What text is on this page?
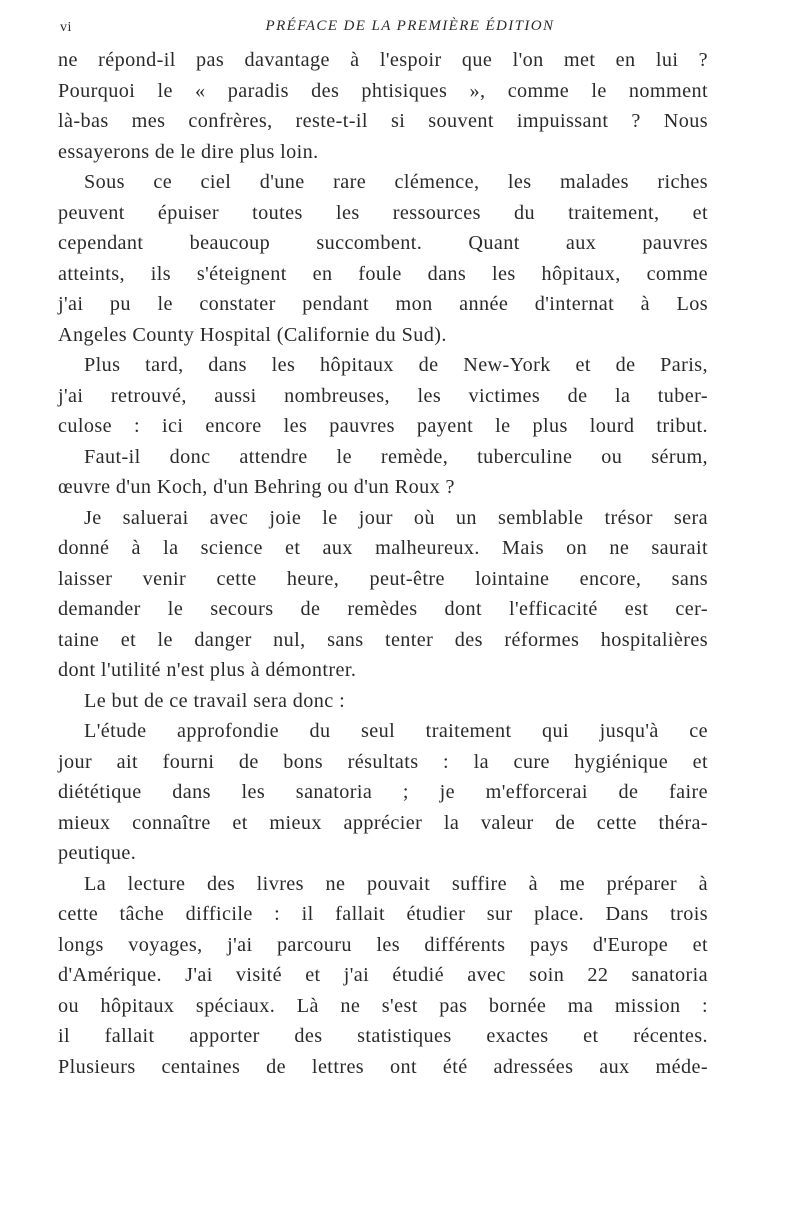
vi	PRÉFACE DE LA PREMIÈRE ÉDITION
ne répond-il pas davantage à l'espoir que l'on met en lui ?
Pourquoi le « paradis des phtisiques », comme le nomment
là-bas mes confrères, reste-t-il si souvent impuissant ? Nous
essayerons de le dire plus loin.
Sous ce ciel d'une rare clémence, les malades riches
peuvent épuiser toutes les ressources du traitement, et
cependant beaucoup succombent. Quant aux pauvres
atteints, ils s'éteignent en foule dans les hôpitaux, comme
j'ai pu le constater pendant mon année d'internat à Los
Angeles County Hospital (Californie du Sud).
Plus tard, dans les hôpitaux de New-York et de Paris,
j'ai retrouvé, aussi nombreuses, les victimes de la tuber-
culose : ici encore les pauvres payent le plus lourd tribut.
Faut-il donc attendre le remède, tuberculine ou sérum,
œuvre d'un Koch, d'un Behring ou d'un Roux ?
Je saluerai avec joie le jour où un semblable trésor sera
donné à la science et aux malheureux. Mais on ne saurait
laisser venir cette heure, peut-être lointaine encore, sans
demander le secours de remèdes dont l'efficacité est cer-
taine et le danger nul, sans tenter des réformes hospitalières
dont l'utilité n'est plus à démontrer.
Le but de ce travail sera donc :
L'étude approfondie du seul traitement qui jusqu'à ce
jour ait fourni de bons résultats : la cure hygiénique et
diététique dans les sanatoria ; je m'efforcerai de faire
mieux connaître et mieux apprécier la valeur de cette théra-
peutique.
La lecture des livres ne pouvait suffire à me préparer à
cette tâche difficile : il fallait étudier sur place. Dans trois
longs voyages, j'ai parcouru les différents pays d'Europe et
d'Amérique. J'ai visité et j'ai étudié avec soin 22 sanatoria
ou hôpitaux spéciaux. Là ne s'est pas bornée ma mission :
il fallait apporter des statistiques exactes et récentes.
Plusieurs centaines de lettres ont été adressées aux méde-
